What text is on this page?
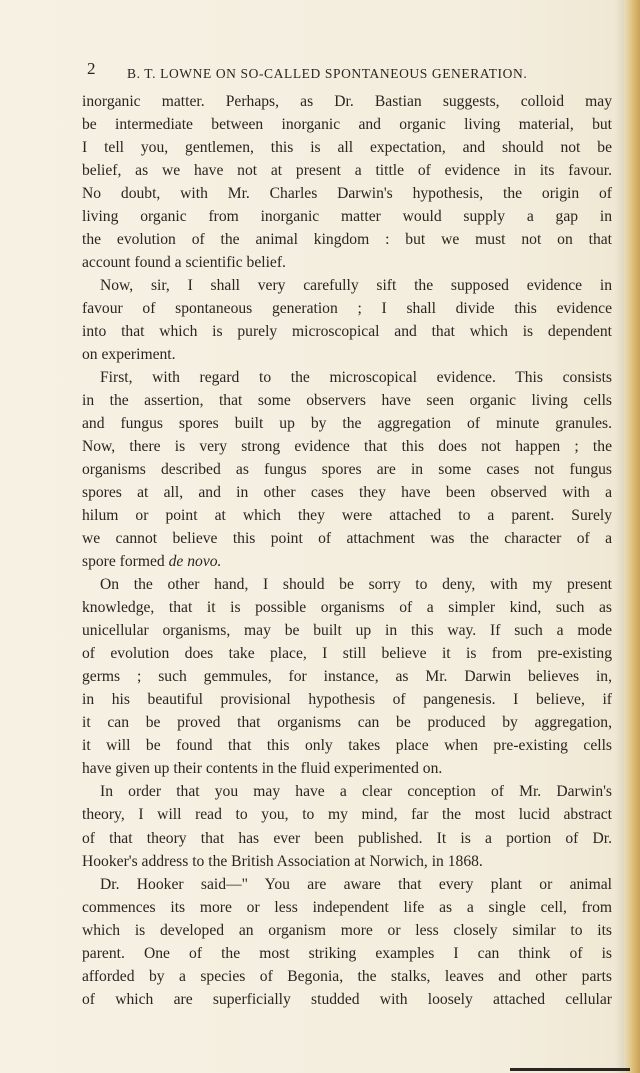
2 B. T. LOWNE ON SO-CALLED SPONTANEOUS GENERATION.
inorganic matter. Perhaps, as Dr. Bastian suggests, colloid may
be intermediate between inorganic and organic living material, but
I tell you, gentlemen, this is all expectation, and should not be
belief, as we have not at present a tittle of evidence in its favour.
No doubt, with Mr. Charles Darwin's hypothesis, the origin of
living organic from inorganic matter would supply a gap in
the evolution of the animal kingdom : but we must not on that
account found a scientific belief.
Now, sir, I shall very carefully sift the supposed evidence in
favour of spontaneous generation ; I shall divide this evidence
into that which is purely microscopical and that which is dependent
on experiment.
First, with regard to the microscopical evidence. This consists
in the assertion, that some observers have seen organic living cells
and fungus spores built up by the aggregation of minute granules.
Now, there is very strong evidence that this does not happen ; the
organisms described as fungus spores are in some cases not fungus
spores at all, and in other cases they have been observed with a
hilum or point at which they were attached to a parent. Surely
we cannot believe this point of attachment was the character of a
spore formed de novo.
On the other hand, I should be sorry to deny, with my present
knowledge, that it is possible organisms of a simpler kind, such as
unicellular organisms, may be built up in this way. If such a mode
of evolution does take place, I still believe it is from pre-existing
germs ; such gemmules, for instance, as Mr. Darwin believes in,
in his beautiful provisional hypothesis of pangenesis. I believe, if
it can be proved that organisms can be produced by aggregation,
it will be found that this only takes place when pre-existing cells
have given up their contents in the fluid experimented on.
In order that you may have a clear conception of Mr. Darwin's
theory, I will read to you, to my mind, far the most lucid abstract
of that theory that has ever been published. It is a portion of Dr.
Hooker's address to the British Association at Norwich, in 1868.
Dr. Hooker said—" You are aware that every plant or animal
commences its more or less independent life as a single cell, from
which is developed an organism more or less closely similar to its
parent. One of the most striking examples I can think of is
afforded by a species of Begonia, the stalks, leaves and other parts
of which are superficially studded with loosely attached cellular
